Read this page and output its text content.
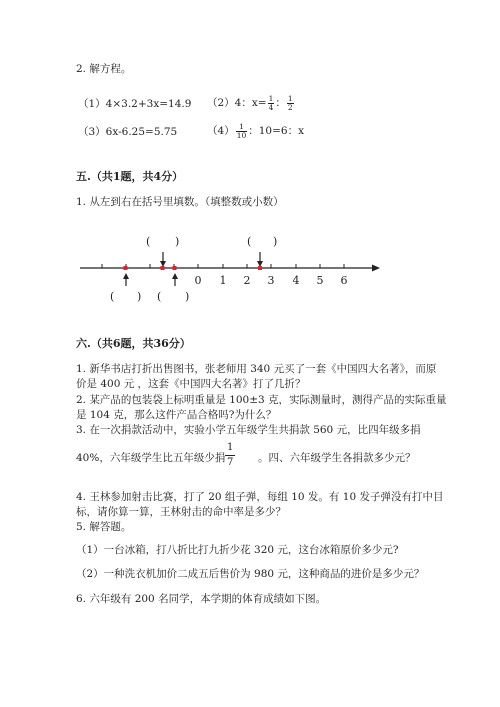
2. 解方程。
（1）4×3.2+3x=14.9 （2）4：$x= \frac{1}{4}$ ： $\frac{1}{2}$
（3）6x-6.25=5.75	$(4) \frac{1}{10}$ ：10=6：x
五.（共1题，共4分）
1. 从左到右在括号里填数。（填整数或小数）
( )	( )
0 1 2 3 4 5 6
( ) ( )
六.（共6题，共36分）
1. 新华书店打折出售图书，张老师用 340 元买了一套《中国四大名著》，而原
价是 400 元 ，这套《中国四大名著》打了几折？
2. 某产品的包装袋上标明重量是 100±3 克，实际测量时，测得产品的实际重量
是 104 克，那么这件产品合格吗?为什么？
3. 在一次捐款活动中，实验小学五年级学生共捐款 560 元，比四年级多捐
40%，六年级学生比五年级少捐 $\frac{1}{7}$ 。四、六年级学生各捐款多少元？
4. 王林参加射击比赛，打了 20 组子弹，每组 10 发。有 10 发子弹没有打中目
标，请你算一算，王林射击的命中率是多少？
5. 解答题。
（1）一台冰箱，打八折比打九折少花 320 元，这台冰箱原价多少元?
（2）一种洗衣机加价二成五后售价为 980 元，这种商品的进价是多少元？
6. 六年级有 200 名同学，本学期的体育成绩如下图。
